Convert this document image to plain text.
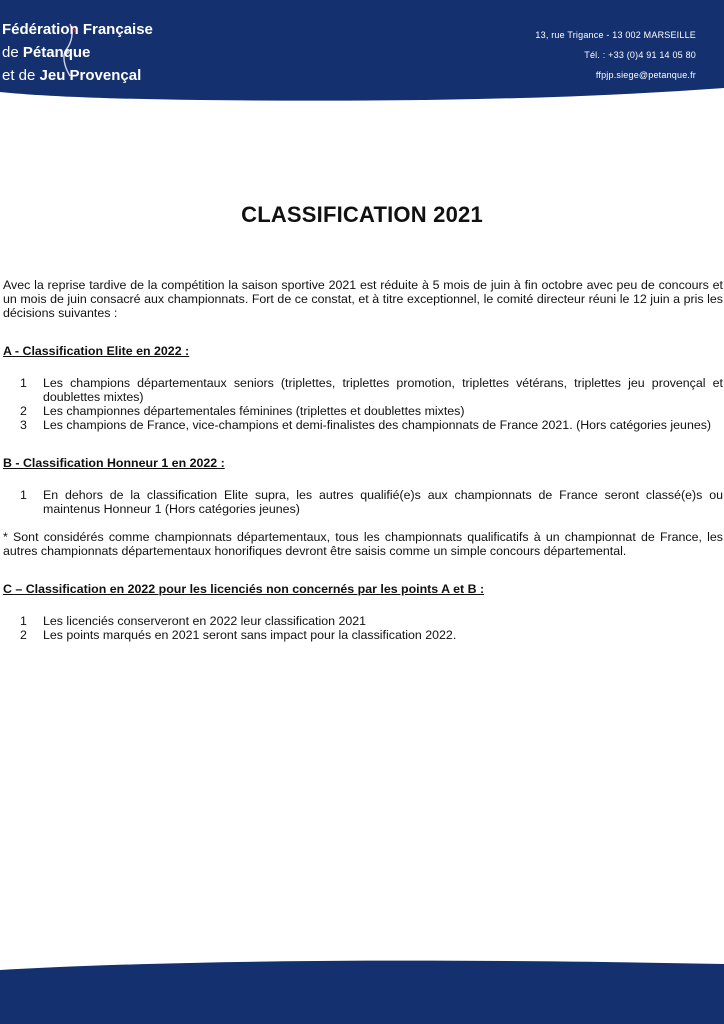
Fédération Française
de Pétanque
et de Jeu Provençal
13, rue Trigance - 13 002 MARSEILLE
Tél. : +33 (0)4 91 14 05 80
ffpjp.siege@petanque.fr
CLASSIFICATION 2021

Avec la reprise tardive de la compétition la saison sportive 2021 est réduite à 5 mois de juin à fin octobre avec peu de concours et un mois de juin consacré aux championnats. Fort de ce constat, et à titre exceptionnel, le comité directeur réuni le 12 juin a pris les décisions suivantes :

A - Classification Elite en 2022 :
1	Les champions départementaux seniors (triplettes, triplettes promotion, triplettes vétérans, triplettes jeu provençal et doublettes mixtes)
2	Les championnes départementales féminines (triplettes et doublettes mixtes)
3	Les champions de France, vice-champions et demi-finalistes des championnats de France 2021. (Hors catégories jeunes)
B - Classification Honneur 1 en 2022 :
1	En dehors de la classification Elite supra, les autres qualifié(e)s aux championnats de France seront classé(e)s ou maintenus Honneur 1 (Hors catégories jeunes)

* Sont considérés comme championnats départementaux, tous les championnats qualificatifs à un championnat de France, les autres championnats départementaux honorifiques devront être saisis comme un simple concours départemental.

C – Classification en 2022 pour les licenciés non concernés par les points A et B :
1	Les licenciés conserveront en 2022 leur classification 2021
2	Les points marqués en 2021 seront sans impact pour la classification 2022.
